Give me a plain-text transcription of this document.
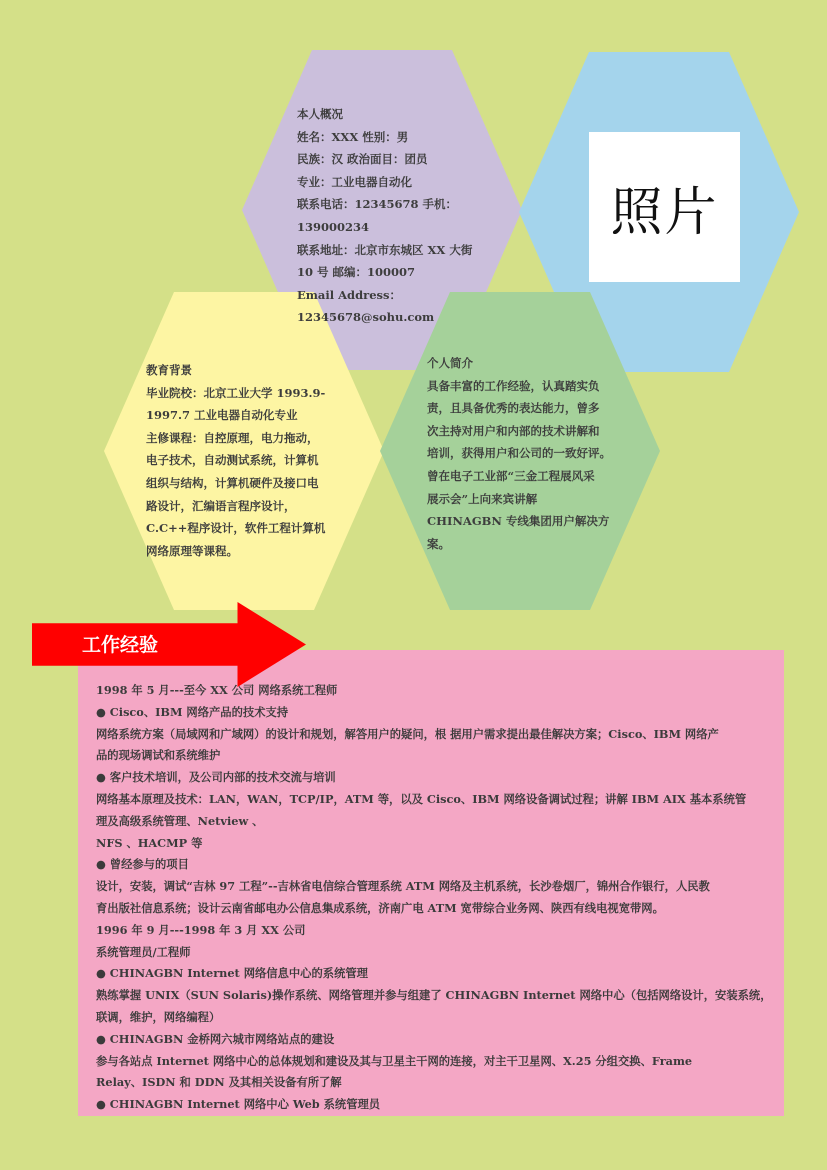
照片
本人概况
姓名：XXX 性别：男
民族：汉 政治面目：团员
专业：工业电器自动化
联系电话：12345678 手机：
139000234
联系地址：北京市东城区 XX 大街
10 号 邮编：100007
Email Address：
12345678@sohu.com
教育背景
毕业院校：北京工业大学 1993.9-
1997.7 工业电器自动化专业
主修课程：自控原理，电力拖动，
电子技术，自动测试系统，计算机
组织与结构，计算机硬件及接口电
路设计，汇编语言程序设计，
C.C++程序设计，软件工程计算机
网络原理等课程。
个人简介
具备丰富的工作经验，认真踏实负
责，且具备优秀的表达能力，曾多
次主持对用户和内部的技术讲解和
培训，获得用户和公司的一致好评。
曾在电子工业部“三金工程展风采
展示会”上向来宾讲解
CHINAGBN 专线集团用户解决方
案。
1998 年 5 月---至今 XX 公司 网络系统工程师
● Cisco、IBM 网络产品的技术支持
网络系统方案（局域网和广域网）的设计和规划，解答用户的疑问，根 据用户需求提出最佳解决方案；Cisco、IBM 网络产
品的现场调试和系统维护
● 客户技术培训，及公司内部的技术交流与培训
网络基本原理及技术：LAN，WAN，TCP/IP，ATM 等，以及 Cisco、IBM 网络设备调试过程；讲解 IBM AIX 基本系统管
理及高级系统管理、Netview 、
NFS 、HACMP 等
● 曾经参与的项目
设计，安装，调试“吉林 97 工程”--吉林省电信综合管理系统 ATM 网络及主机系统，长沙卷烟厂，锦州合作银行，人民教
育出版社信息系统；设计云南省邮电办公信息集成系统，济南广电 ATM 宽带综合业务网、陕西有线电视宽带网。
1996 年 9 月---1998 年 3 月 XX 公司
系统管理员/工程师
● CHINAGBN Internet 网络信息中心的系统管理
熟练掌握 UNIX（SUN Solaris)操作系统、网络管理并参与组建了 CHINAGBN Internet 网络中心（包括网络设计，安装系统，
联调，维护，网络编程）
● CHINAGBN 金桥网六城市网络站点的建设
参与各站点 Internet 网络中心的总体规划和建设及其与卫星主干网的连接，对主干卫星网、X.25 分组交换、Frame
Relay、ISDN 和 DDN 及其相关设备有所了解
● CHINAGBN Internet 网络中心 Web 系统管理员
工作经验
